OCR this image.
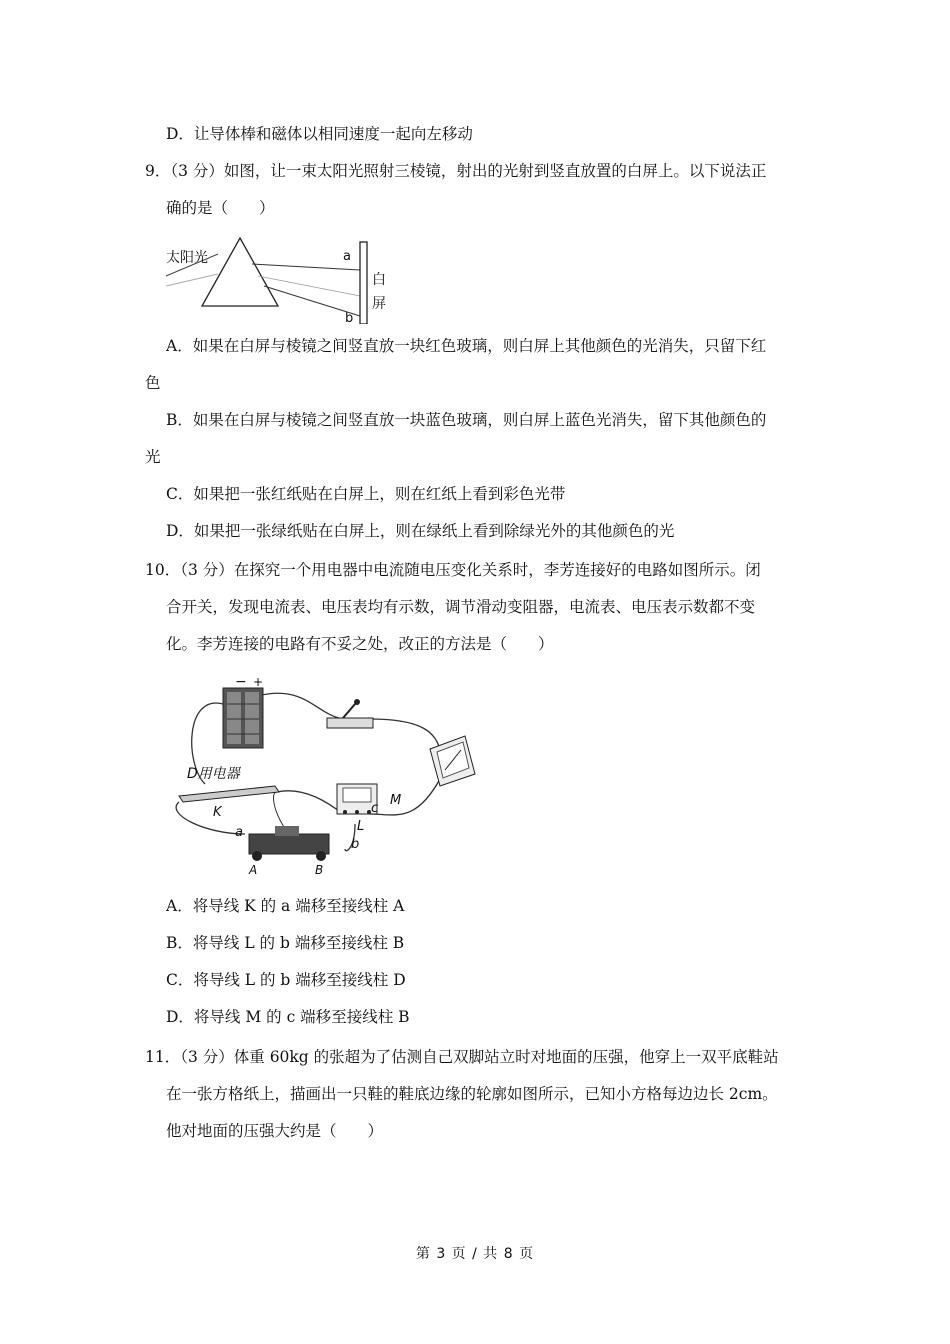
D．让导体棒和磁体以相同速度一起向左移动
9．（3 分）如图，让一束太阳光照射三棱镜，射出的光射到竖直放置的白屏上。以下说法正
确的是（　　）
太阳光	a
b
白
屏
A．如果在白屏与棱镜之间竖直放一块红色玻璃，则白屏上其他颜色的光消失，只留下红
色
B．如果在白屏与棱镜之间竖直放一块蓝色玻璃，则白屏上蓝色光消失，留下其他颜色的
光
C．如果把一张红纸贴在白屏上，则在红纸上看到彩色光带
D．如果把一张绿纸贴在白屏上，则在绿纸上看到除绿光外的其他颜色的光
10．（3 分）在探究一个用电器中电流随电压变化关系时，李芳连接好的电路如图所示。闭
合开关，发现电流表、电压表均有示数，调节滑动变阻器，电流表、电压表示数都不变
化。李芳连接的电路有不妥之处，改正的方法是（　　）
− +
D用电器
K
L
M
a
b
c
A	B
A．将导线 K 的 a 端移至接线柱 A
B．将导线 L 的 b 端移至接线柱 B
C．将导线 L 的 b 端移至接线柱 D
D．将导线 M 的 c 端移至接线柱 B
11．（3 分）体重 60kg 的张超为了估测自己双脚站立时对地面的压强，他穿上一双平底鞋站
在一张方格纸上，描画出一只鞋的鞋底边缘的轮廓如图所示，已知小方格每边边长 2cm。
他对地面的压强大约是（　　）
第 3 页 / 共 8 页
